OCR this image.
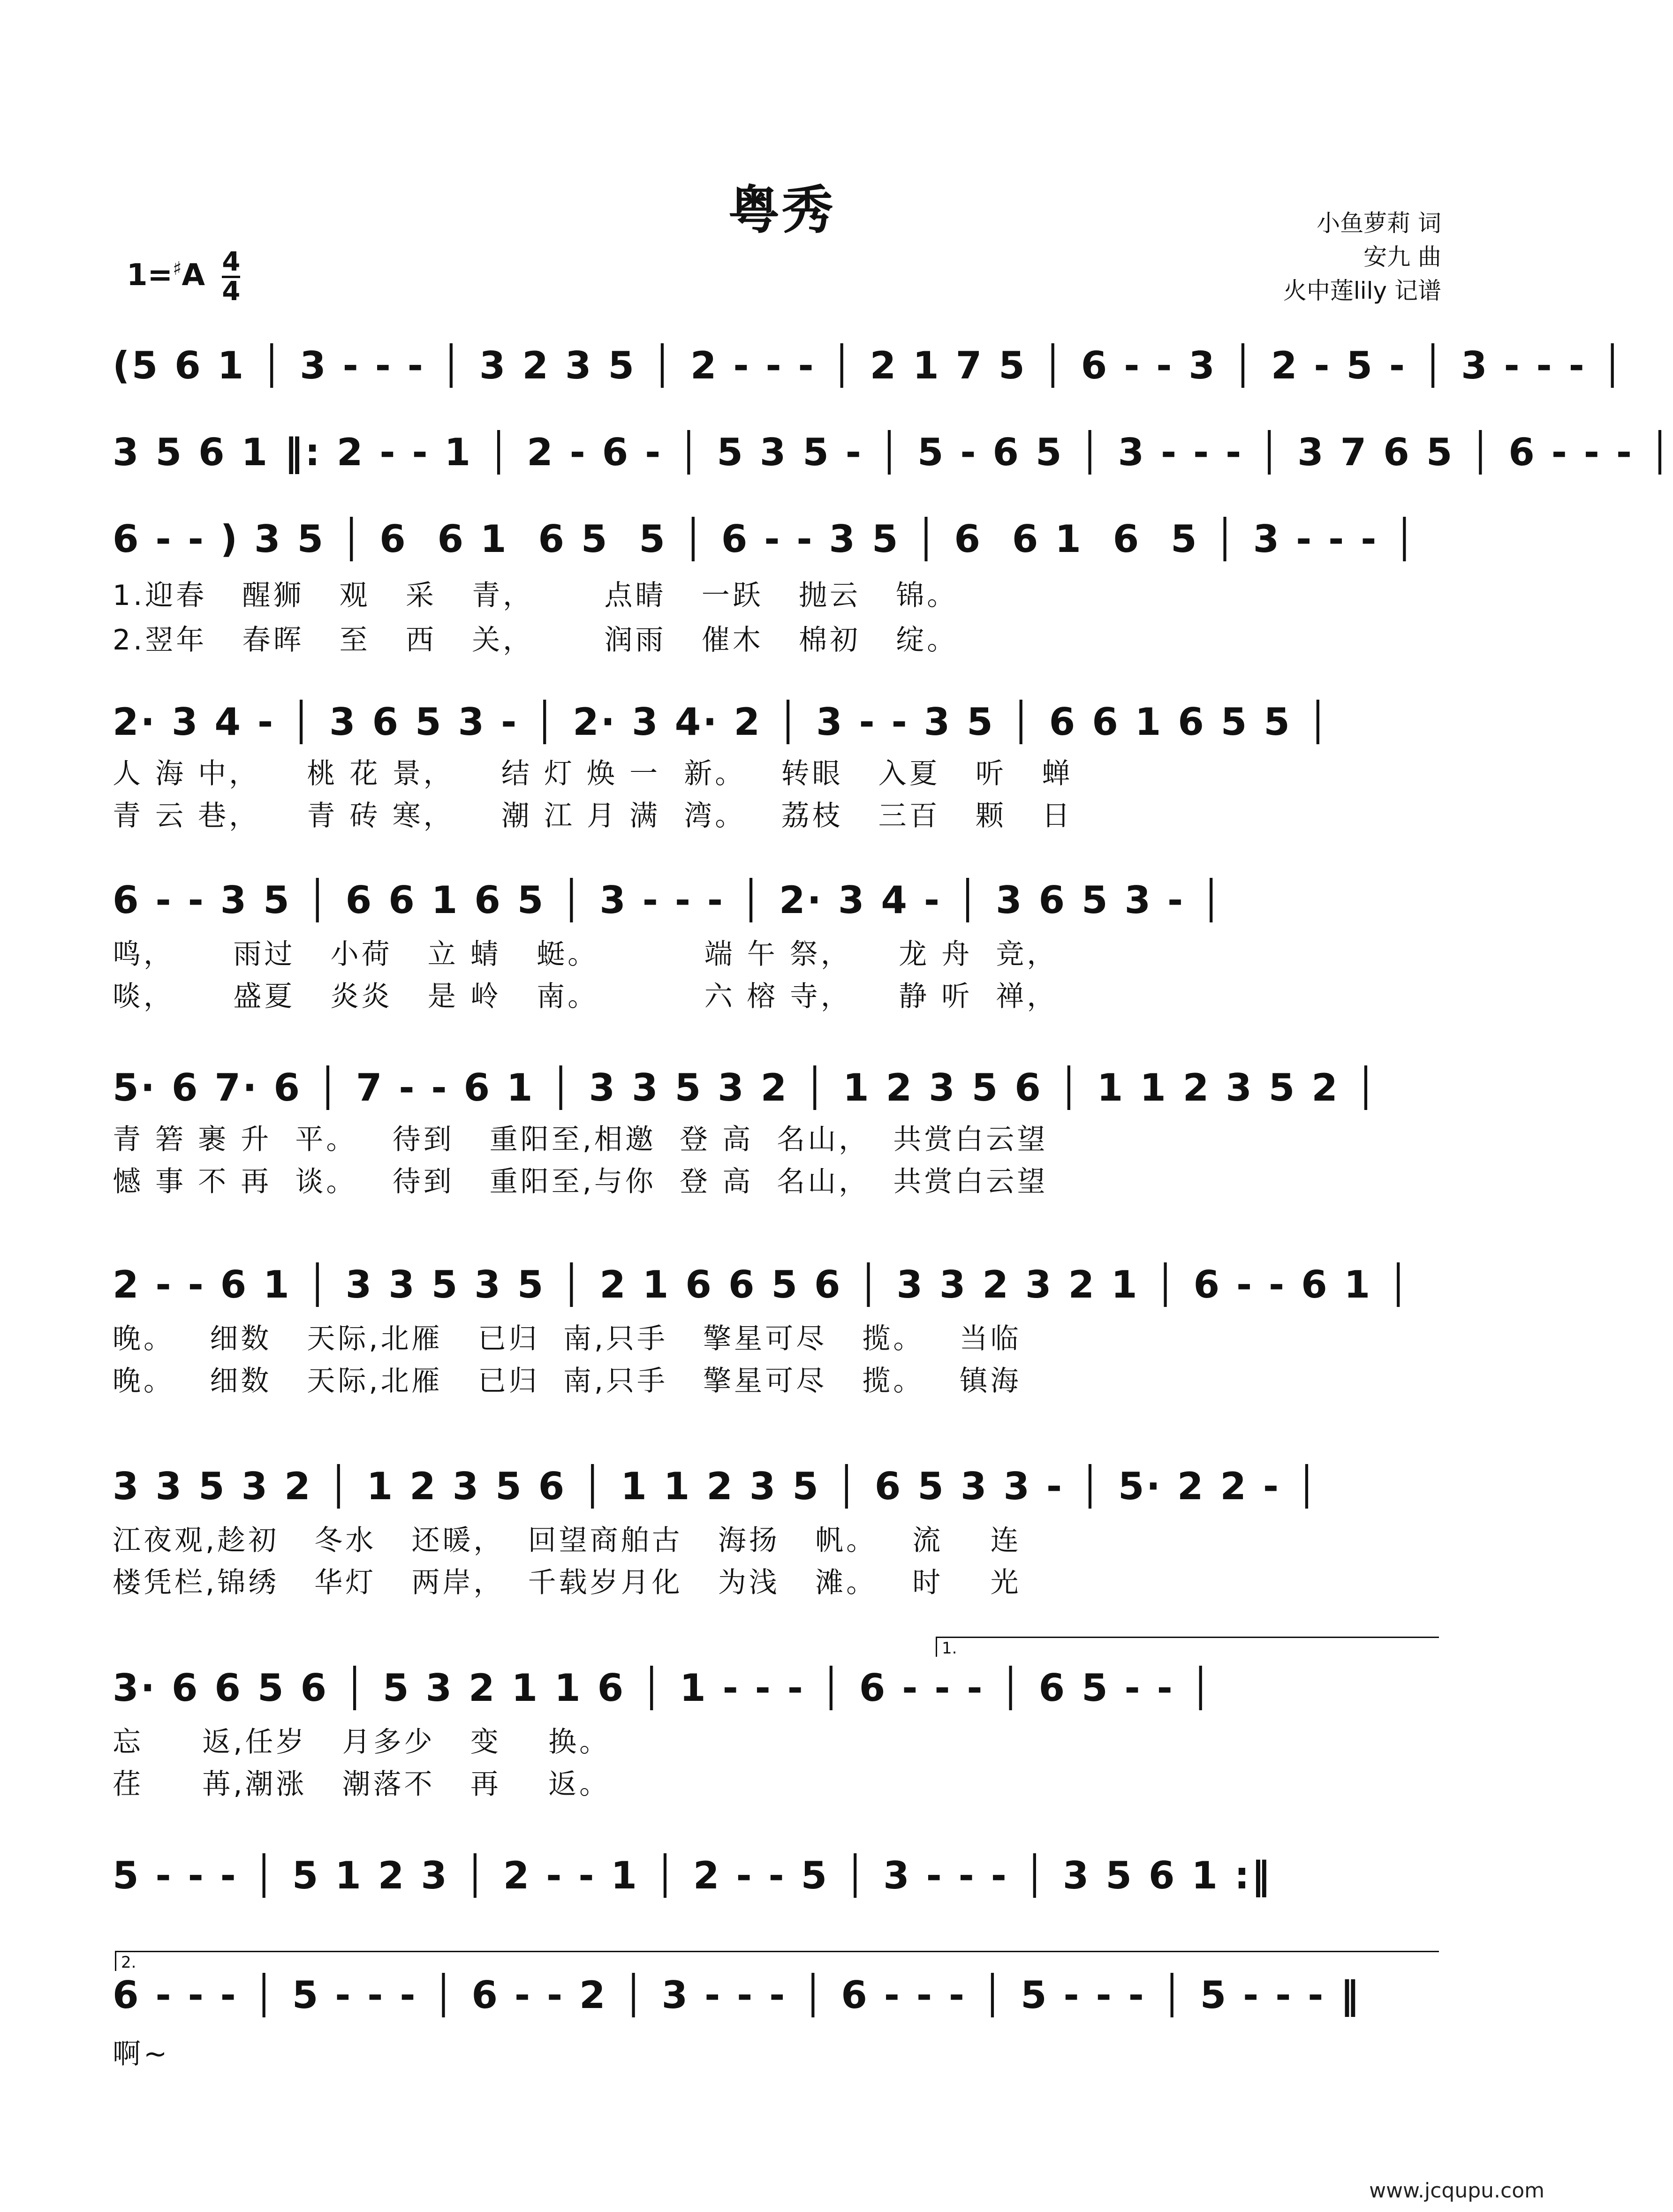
粤秀	小鱼萝莉 词
安九 曲
火中莲lily 记谱
$1=^♯A \frac{4}{4}$
(5 6 1 │ 3 - - - │ 3 2 3 5 │ 2 - - - │ 2 1 7 5 │ 6 - - 3 │ 2 - 5 - │ 3 - - - │
3 5 6 1 ‖: 2 - - 1 │ 2 - 6 - │ 5 3 5 - │ 5 - 6 5 │ 3 - - - │ 3 7 6 5 │ 6 - - - │
6 - - ) 3 5 │ 6  6 1  6 5  5 │ 6 - - 3 5 │ 6  6 1  6  5 │ 3 - - - │
1.迎春   醒狮   观   采   青，      点睛   一跃   抛云   锦。
2.翌年   春晖   至   西   关，      润雨   催木   棉初   绽。
2· 3 4 - │ 3 6 5 3 - │ 2· 3 4· 2 │ 3 - - 3 5 │ 6 6 1 6 5 5 │
人 海 中，    桃 花 景，    结 灯 焕 一  新。   转眼   入夏   听   蝉
青 云 巷，    青 砖 寒，    潮 江 月 满  湾。   荔枝   三百   颗   日
6 - - 3 5 │ 6 6 1 6 5 │ 3 - - - │ 2· 3 4 - │ 3 6 5 3 - │
鸣，     雨过   小荷   立 蜻   蜓。         端 午 祭，    龙 舟  竞，
啖，     盛夏   炎炎   是 岭   南。         六 榕 寺，    静 听  禅，
5· 6 7· 6 │ 7 - - 6 1 │ 3 3 5 3 2 │ 1 2 3 5 6 │ 1 1 2 3 5 2 │
青 箬 裹 升  平。   待到   重阳至,相邀  登 高  名山，  共赏白云望
憾 事 不 再  谈。   待到   重阳至,与你  登 高  名山，  共赏白云望
2 - - 6 1 │ 3 3 5 3 5 │ 2 1 6 6 5 6 │ 3 3 2 3 2 1 │ 6 - - 6 1 │
晚。   细数   天际,北雁   已归  南,只手   擎星可尽   揽。   当临
晚。   细数   天际,北雁   已归  南,只手   擎星可尽   揽。   镇海
3 3 5 3 2 │ 1 2 3 5 6 │ 1 1 2 3 5 │ 6 5 3 3 - │ 5· 2 2 - │
江夜观,趁初   冬水   还暖，  回望商舶古   海扬   帆。   流    连
楼凭栏,锦绣   华灯   两岸，  千载岁月化   为浅   滩。   时    光
1.
3· 6 6 5 6 │ 5 3 2 1 1 6 │ 1 - - - │ 6 - - - │ 6 5 - - │
忘     返,任岁   月多少   变    换。
荏     苒,潮涨   潮落不   再    返。
5 - - - │ 5 1 2 3 │ 2 - - 1 │ 2 - - 5 │ 3 - - - │ 3 5 6 1 :‖
2.
6 - - - │ 5 - - - │ 6 - - 2 │ 3 - - - │ 6 - - - │ 5 - - - │ 5 - - - ‖
啊~
www.jcqupu.com
